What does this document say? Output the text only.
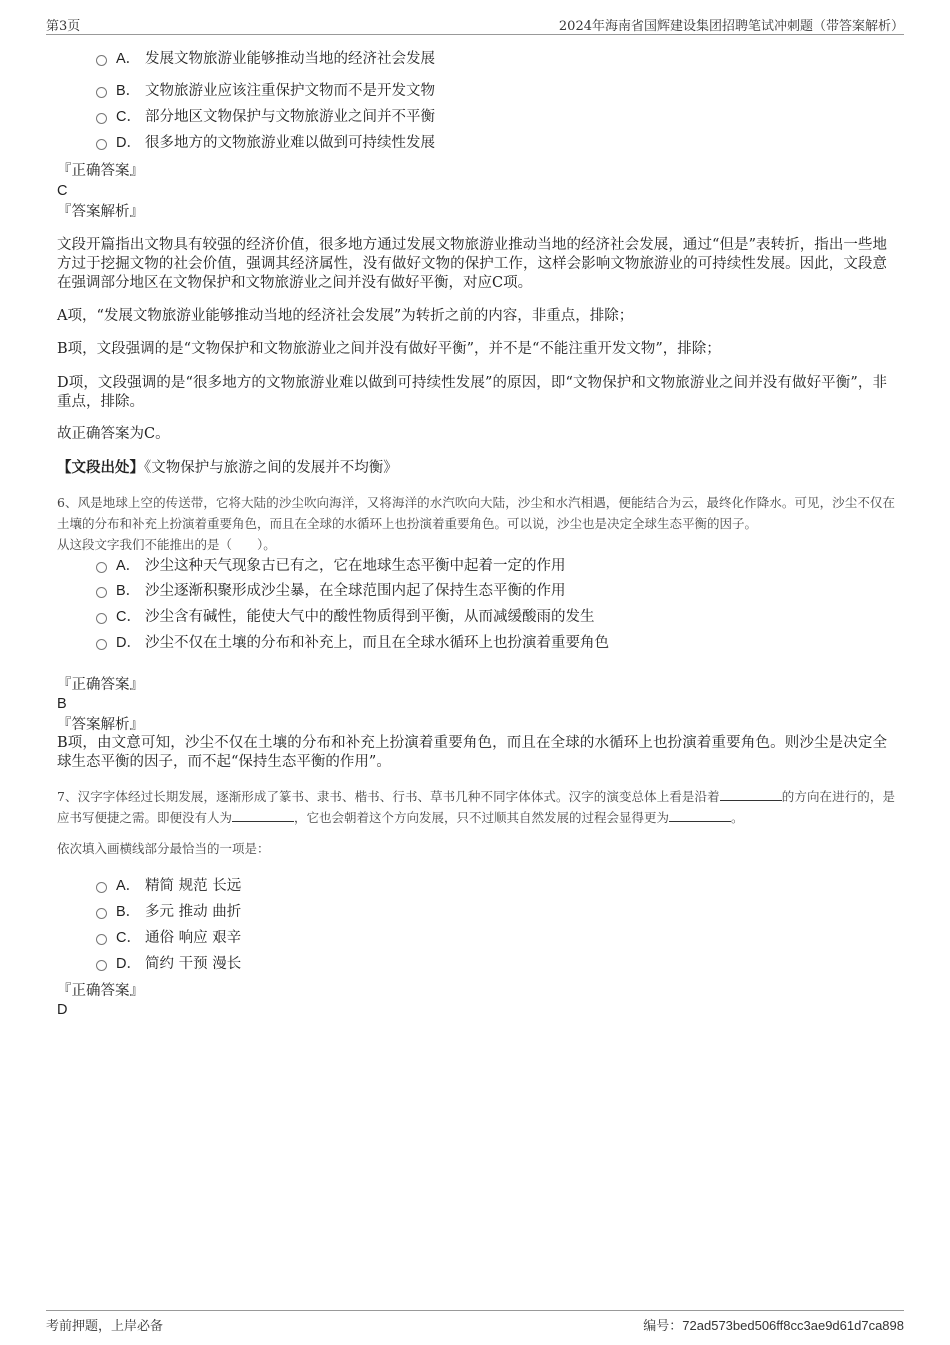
第3页	2024年海南省国辉建设集团招聘笔试冲刺题（带答案解析）
A． 发展文物旅游业能够推动当地的经济社会发展
B． 文物旅游业应该注重保护文物而不是开发文物
C． 部分地区文物保护与文物旅游业之间并不平衡
D． 很多地方的文物旅游业难以做到可持续性发展
『正确答案』
C
『答案解析』
文段开篇指出文物具有较强的经济价值，很多地方通过发展文物旅游业推动当地的经济社会发展，通过“但是”表转折，指出一些地方过于挖掘文物的社会价值，强调其经济属性，没有做好文物的保护工作，这样会影响文物旅游业的可持续性发展。因此，文段意在强调部分地区在文物保护和文物旅游业之间并没有做好平衡，对应C项。
A项，“发展文物旅游业能够推动当地的经济社会发展”为转折之前的内容，非重点，排除；
B项，文段强调的是“文物保护和文物旅游业之间并没有做好平衡”，并不是“不能注重开发文物”，排除；
D项，文段强调的是“很多地方的文物旅游业难以做到可持续性发展”的原因，即“文物保护和文物旅游业之间并没有做好平衡”，非重点，排除。
故正确答案为C。
【文段出处】《文物保护与旅游之间的发展并不均衡》
6、风是地球上空的传送带，它将大陆的沙尘吹向海洋，又将海洋的水汽吹向大陆，沙尘和水汽相遇，便能结合为云，最终化作降水。可见，沙尘不仅在土壤的分布和补充上扮演着重要角色，而且在全球的水循环上也扮演着重要角色。可以说，沙尘也是决定全球生态平衡的因子。
从这段文字我们不能推出的是（　　）。
A． 沙尘这种天气现象古已有之，它在地球生态平衡中起着一定的作用
B． 沙尘逐渐积聚形成沙尘暴，在全球范围内起了保持生态平衡的作用
C． 沙尘含有碱性，能使大气中的酸性物质得到平衡，从而减缓酸雨的发生
D． 沙尘不仅在土壤的分布和补充上，而且在全球水循环上也扮演着重要角色
『正确答案』
B
『答案解析』
B项，由文意可知，沙尘不仅在土壤的分布和补充上扮演着重要角色，而且在全球的水循环上也扮演着重要角色。则沙尘是决定全球生态平衡的因子，而不起“保持生态平衡的作用”。
7、汉字字体经过长期发展，逐渐形成了篆书、隶书、楷书、行书、草书几种不同字体体式。汉字的演变总体上看是沿着	的方向在进行的，是应书写便捷之需。即便没有人为	，它也会朝着这个方向发展，只不过顺其自然发展的过程会显得更为	。
依次填入画横线部分最恰当的一项是：
A． 精简 规范 长远
B． 多元 推动 曲折
C． 通俗 响应 艰辛
D． 简约 干预 漫长
『正确答案』
D
考前押题，上岸必备	编号：72ad573bed506ff8cc3ae9d61d7ca898
